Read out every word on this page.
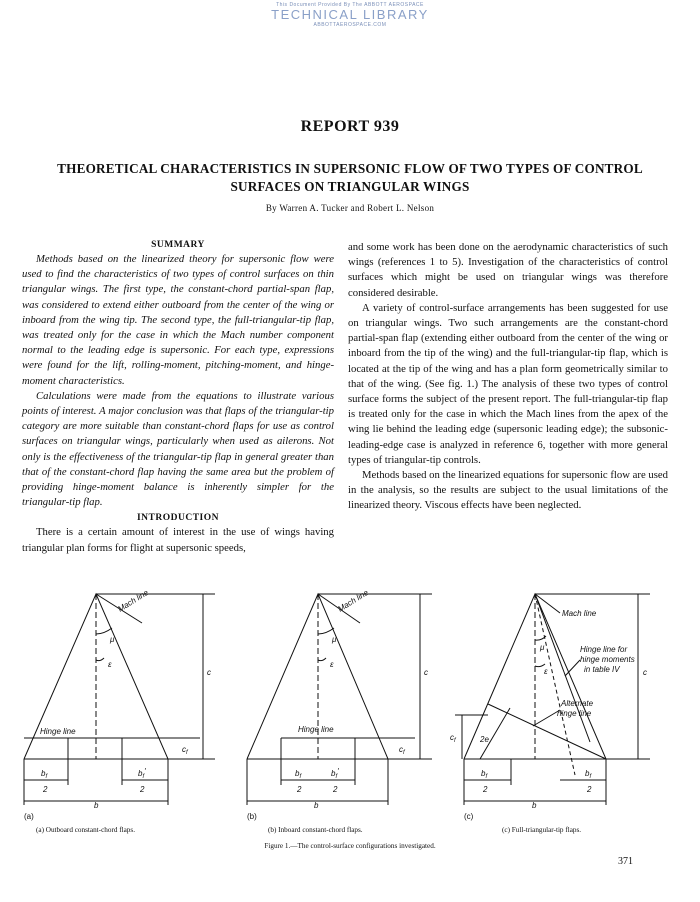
This Document Provided By The ABBOTT AEROSPACE
TECHNICAL LIBRARY
ABBOTTAEROSPACE.COM
REPORT 939
THEORETICAL CHARACTERISTICS IN SUPERSONIC FLOW OF TWO TYPES OF CONTROL
SURFACES ON TRIANGULAR WINGS
By Warren A. Tucker and Robert L. Nelson
SUMMARY

Methods based on the linearized theory for supersonic flow were used to find the characteristics of two types of control surfaces on thin triangular wings. The first type, the constant-chord partial-span flap, was considered to extend either outboard from the center of the wing or inboard from the wing tip. The second type, the full-triangular-tip flap, was treated only for the case in which the Mach number component normal to the leading edge is supersonic. For each type, expressions were found for the lift, rolling-moment, pitching-moment, and hinge-moment characteristics.

Calculations were made from the equations to illustrate various points of interest. A major conclusion was that flaps of the triangular-tip category are more suitable than constant-chord flaps for use as control surfaces on triangular wings, particularly when used as ailerons. Not only is the effectiveness of the triangular-tip flap in general greater than that of the constant-chord flap having the same area but the problem of providing hinge-moment balance is inherently simpler for the triangular-tip flap.

INTRODUCTION

There is a certain amount of interest in the use of wings having triangular plan forms for flight at supersonic speeds,

and some work has been done on the aerodynamic characteristics of such wings (references 1 to 5). Investigation of the characteristics of control surfaces which might be used on triangular wings was therefore considered desirable.

A variety of control-surface arrangements has been suggested for use on triangular wings. Two such arrangements are the constant-chord partial-span flap (extending either outboard from the center of the wing or inboard from the tip of the wing) and the full-triangular-tip flap, which is located at the tip of the wing and has a plan form geometrically similar to that of the wing. (See fig. 1.) The analysis of these two types of control surface forms the subject of the present report. The full-triangular-tip flap is treated only for the case in which the Mach lines from the apex of the wing lie behind the leading edge (supersonic leading edge); the subsonic-leading-edge case is analyzed in reference 6, together with more general types of triangular-tip controls.

Methods based on the linearized equations for supersonic flow are used in the analysis, so the results are subject to the usual limitations of the linearized theory. Viscous effects have been neglected.

Mach line
μ
ε
Hinge line
c
$c_f$
$b_f$
2
$b_f'$
2
b
(a)
Mach line
μ
ε
Hinge line
c
$c_f$
$b_f$
2
$b_f'$
2
b
(b)
Mach line
μ
ε
Hinge line for
hinge moments
in table IV
Alternate
hinge line
2e
c
$c_f$
$b_f$
2
$b_f$
2
b
(c)
(a) Outboard constant-chord flaps.	(b) Inboard constant-chord flaps.	(c) Full-triangular-tip flaps.
Figure 1.—The control-surface configurations investigated.
371
